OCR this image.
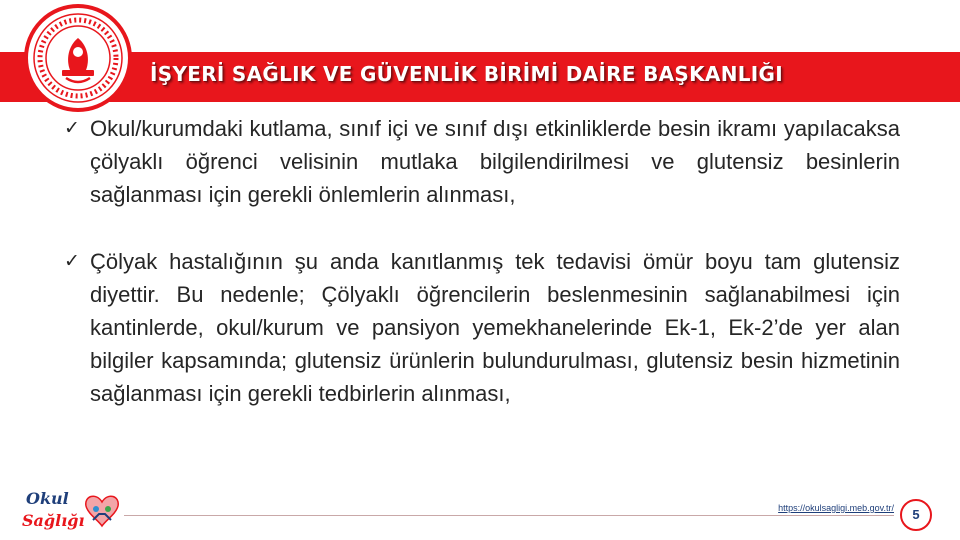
İŞYERİ SAĞLIK VE GÜVENLİK BİRİMİ DAİRE BAŞKANLIĞI
✓ Okul/kurumdaki kutlama, sınıf içi ve sınıf dışı etkinliklerde besin ikramı yapılacaksa çölyaklı öğrenci velisinin mutlaka bilgilendirilmesi ve glutensiz besinlerin sağlanması için gerekli önlemlerin alınması,
✓ Çölyak hastalığının şu anda kanıtlanmış tek tedavisi ömür boyu tam glutensiz diyettir. Bu nedenle; Çölyaklı öğrencilerin beslenmesinin sağlanabilmesi için kantinlerde, okul/kurum ve pansiyon yemekhanelerinde Ek-1, Ek-2’de yer alan bilgiler kapsamında; glutensiz ürünlerin bulundurulması, glutensiz besin hizmetinin sağlanması için gerekli tedbirlerin alınması,
Okul
Sağlığı
https://okulsagligi.meb.gov.tr/	5
